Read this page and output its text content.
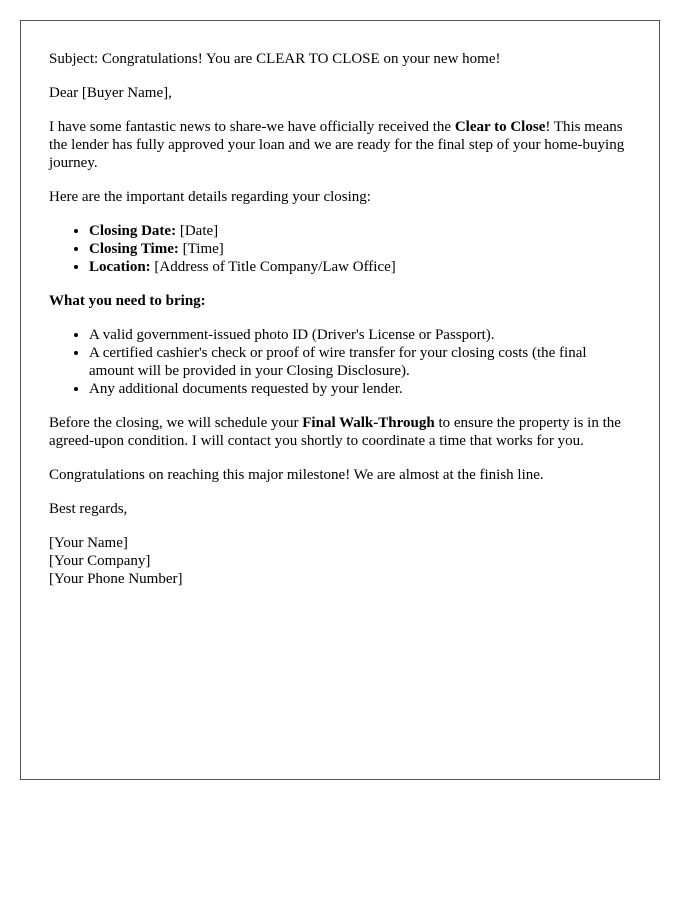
Subject: Congratulations! You are CLEAR TO CLOSE on your new home!

Dear [Buyer Name],

I have some fantastic news to share-we have officially received the Clear to Close! This means the lender has fully approved your loan and we are ready for the final step of your home-buying journey.

Here are the important details regarding your closing:

• Closing Date: [Date]
• Closing Time: [Time]
• Location: [Address of Title Company/Law Office]

What you need to bring:

• A valid government-issued photo ID (Driver's License or Passport).
• A certified cashier's check or proof of wire transfer for your closing costs (the final amount will be provided in your Closing Disclosure).
• Any additional documents requested by your lender.

Before the closing, we will schedule your Final Walk-Through to ensure the property is in the agreed-upon condition. I will contact you shortly to coordinate a time that works for you.

Congratulations on reaching this major milestone! We are almost at the finish line.

Best regards,

[Your Name]
[Your Company]
[Your Phone Number]
